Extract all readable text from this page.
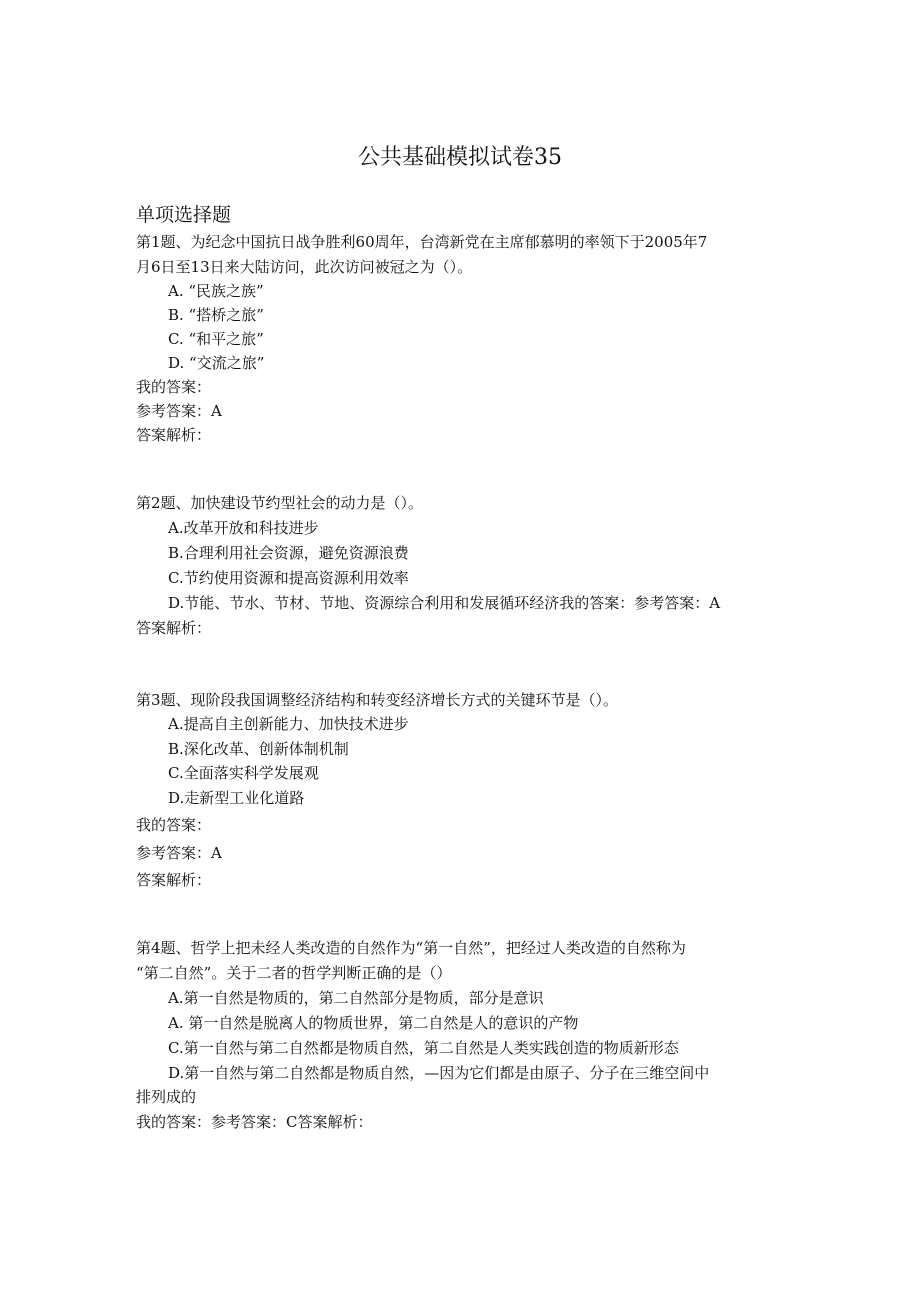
公共基础模拟试卷35
单项选择题
第1题、为纪念中国抗日战争胜利60周年，台湾新党在主席郁慕明的率领下于2005年7
月6日至13日来大陆访问，此次访问被冠之为（）。
A. “民族之族”
B. “搭桥之旅”
C. “和平之旅”
D. “交流之旅”
我的答案：
参考答案：A
答案解析：
第2题、加快建设节约型社会的动力是（）。
A.改革开放和科技进步
B.合理利用社会资源，避免资源浪费
C.节约使用资源和提高资源利用效率
D.节能、节水、节材、节地、资源综合利用和发展循环经济我的答案：参考答案：A
答案解析：
第3题、现阶段我国调整经济结构和转变经济增长方式的关键环节是（）。
A.提高自主创新能力、加快技术进步
B.深化改革、创新体制机制
C.全面落实科学发展观
D.走新型工业化道路
我的答案：
参考答案：A
答案解析：
第4题、哲学上把未经人类改造的自然作为“第一自然”，把经过人类改造的自然称为
“第二自然”。关于二者的哲学判断正确的是（）
A.第一自然是物质的，第二自然部分是物质，部分是意识
A. 第一自然是脱离人的物质世界，第二自然是人的意识的产物
C.第一自然与第二自然都是物质自然，第二自然是人类实践创造的物质新形态
D.第一自然与第二自然都是物质自然，—因为它们都是由原子、分子在三维空间中
排列成的
我的答案：参考答案：C答案解析：
